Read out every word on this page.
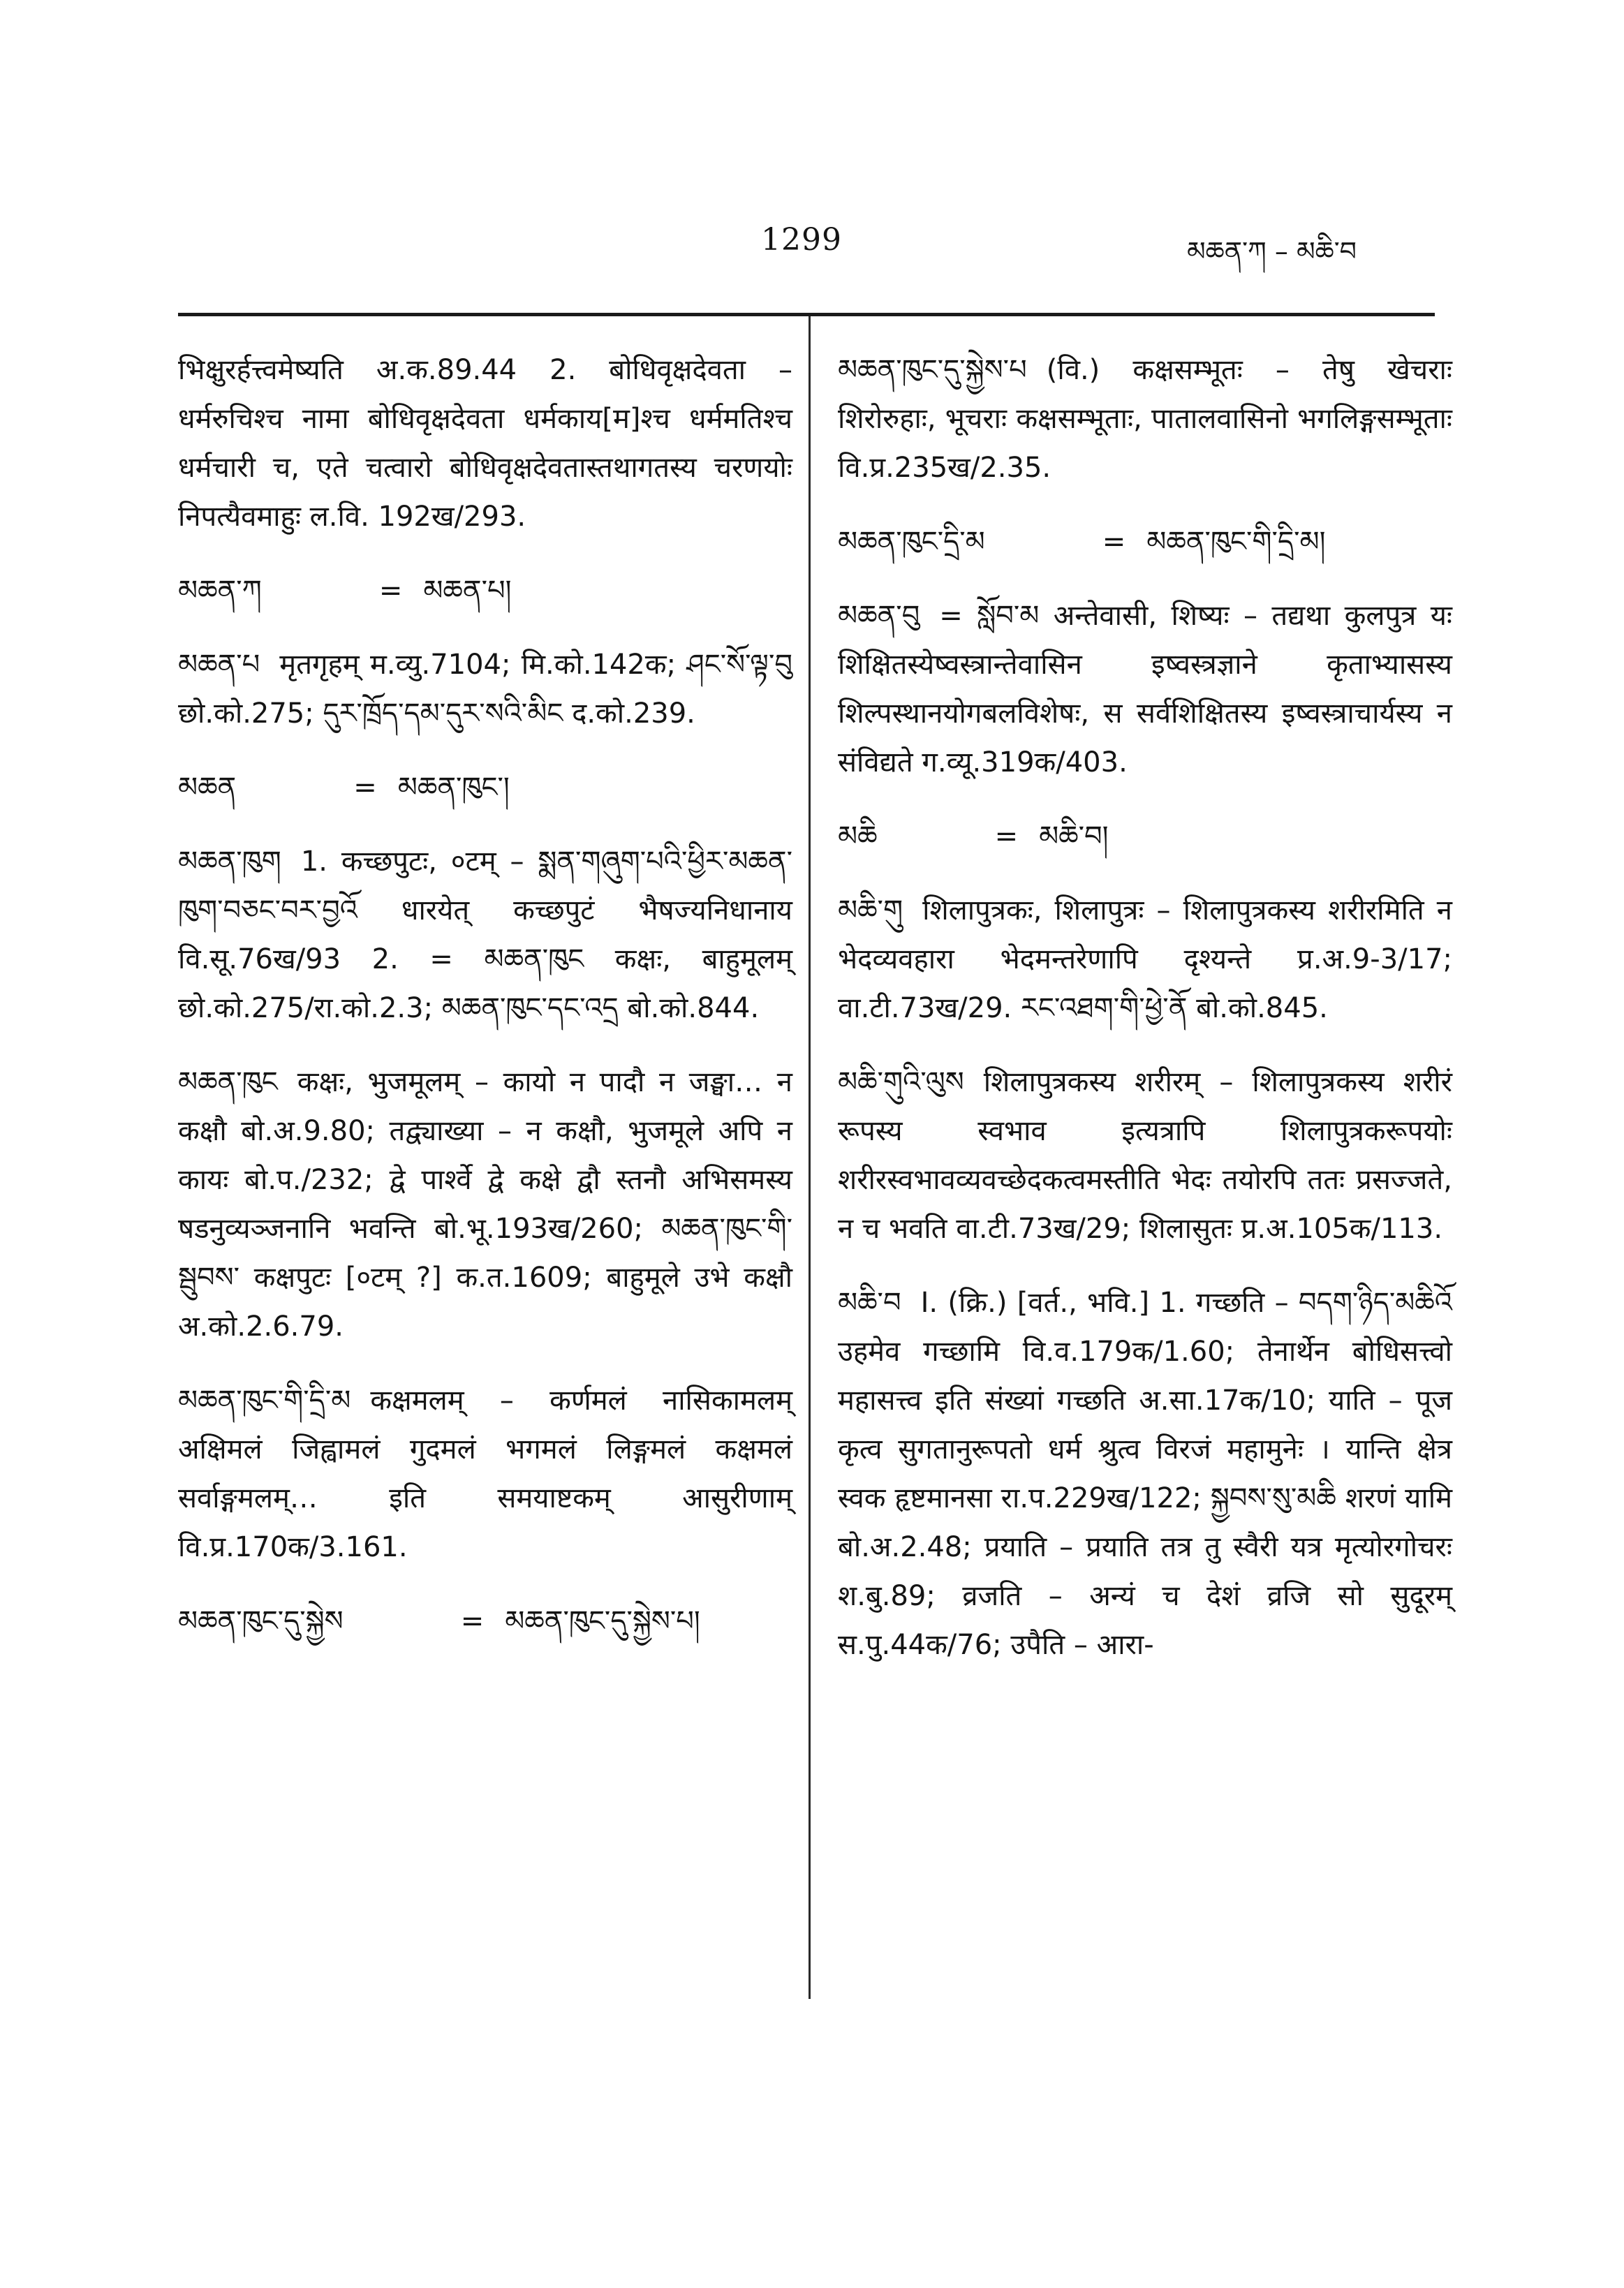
1299	མཆན་ཀ – མཆི་བ
भिक्षुरर्हत्त्वमेष्यति अ.क.89.44 2. बोधिवृक्षदेवता – धर्मरुचिश्च नामा बोधिवृक्षदेवता धर्मकाय[म]श्च धर्ममतिश्च धर्मचारी च, एते चत्वारो बोधिवृक्षदेवतास्तथागतस्य चरणयोः निपत्यैवमाहुः ल.वि. 192ख/293.
མཆན་ཀ	= མཆན་པ།
མཆན་པ मृतगृहम् म.व्यु.7104; मि.को.142क; ཤང་སོ་ལྟ་བུ छो.को.275; དུར་ཁྲོད་དམ་དུར་སའི་མིང द.को.239.
མཆན	= མཆན་ཁུང་།
མཆན་ཁུག 1. कच्छपुटः, ०टम् – སྨན་གཞུག་པའི་ཕྱིར་མཆན་ཁུག་བཅང་བར་བྱའོ धारयेत् कच्छपुटं भैषज्यनिधानाय वि.सू.76ख/93 2. = མཆན་ཁུང कक्षः, बाहुमूलम् छो.को.275/रा.को.2.3; མཆན་ཁུང་དང་འདྲ बो.को.844.
མཆན་ཁུང कक्षः, भुजमूलम् – कायो न पादौ न जङ्घा… न कक्षौ बो.अ.9.80; तद्व्याख्या – न कक्षौ, भुजमूले अपि न कायः बो.प./232; द्वे पार्श्वे द्वे कक्षे द्वौ स्तनौ अभिसमस्य षडनुव्यञ्जनानि भवन्ति बो.भू.193ख/260; མཆན་ཁུང་གི་སྦུབས་ कक्षपुटः [०टम् ?] क.त.1609; बाहुमूले उभे कक्षौ अ.को.2.6.79.
མཆན་ཁུང་གི་དྲི་མ कक्षमलम् – कर्णमलं नासिकामलम् अक्षिमलं जिह्वामलं गुदमलं भगमलं लिङ्गमलं कक्षमलं सर्वाङ्गमलम्… इति समयाष्टकम् आसुरीणाम् वि.प्र.170क/3.161.
མཆན་ཁུང་དུ་སྐྱེས	= མཆན་ཁུང་དུ་སྐྱེས་པ།
མཆན་ཁུང་དུ་སྐྱེས་པ (वि.) कक्षसम्भूतः – तेषु खेचराः शिरोरुहाः, भूचराः कक्षसम्भूताः, पातालवासिनो भगलिङ्गसम्भूताः वि.प्र.235ख/2.35.
མཆན་ཁུང་དྲི་མ	= མཆན་ཁུང་གི་དྲི་མ།
མཆན་བུ = སློབ་མ अन्तेवासी, शिष्यः – तद्यथा कुलपुत्र यः शिक्षितस्येष्वस्त्रान्तेवासिन इष्वस्त्रज्ञाने कृताभ्यासस्य शिल्पस्थानयोगबलविशेषः, स सर्वशिक्षितस्य इष्वस्त्राचार्यस्य न संविद्यते ग.व्यू.319क/403.
མཆི	= མཆི་བ།
མཆི་གུ शिलापुत्रकः, शिलापुत्रः – शिलापुत्रकस्य शरीरमिति न भेदव्यवहारा भेदमन्तरेणापि दृश्यन्ते प्र.अ.9-3/17; वा.टी.73ख/29. རང་འཐག་གི་ཕྱེ་ནོ बो.को.845.
མཆི་གུའི་ལུས शिलापुत्रकस्य शरीरम् – शिलापुत्रकस्य शरीरं रूपस्य स्वभाव इत्यत्रापि शिलापुत्रकरूपयोः शरीरस्वभावव्यवच्छेदकत्वमस्तीति भेदः तयोरपि ततः प्रसज्जते, न च भवति वा.टी.73ख/29; शिलासुतः प्र.अ.105क/113.
མཆི་བ I. (क्रि.) [वर्त., भवि.] 1. गच्छति – བདག་ཉིད་མཆིའོ उहमेव गच्छामि वि.व.179क/1.60; तेनार्थेन बोधिसत्त्वो महासत्त्व इति संख्यां गच्छति अ.सा.17क/10; याति – पूज कृत्व सुगतानुरूपतो धर्म श्रुत्व विरजं महामुनेः । यान्ति क्षेत्र स्वक हृष्टमानसा रा.प.229ख/122; སྐྱབས་སུ་མཆི शरणं यामि बो.अ.2.48; प्रयाति – प्रयाति तत्र तु स्वैरी यत्र मृत्योरगोचरः श.बु.89; व्रजति – अन्यं च देशं व्रजि सो सुदूरम् स.पु.44क/76; उपैति – आरा-
